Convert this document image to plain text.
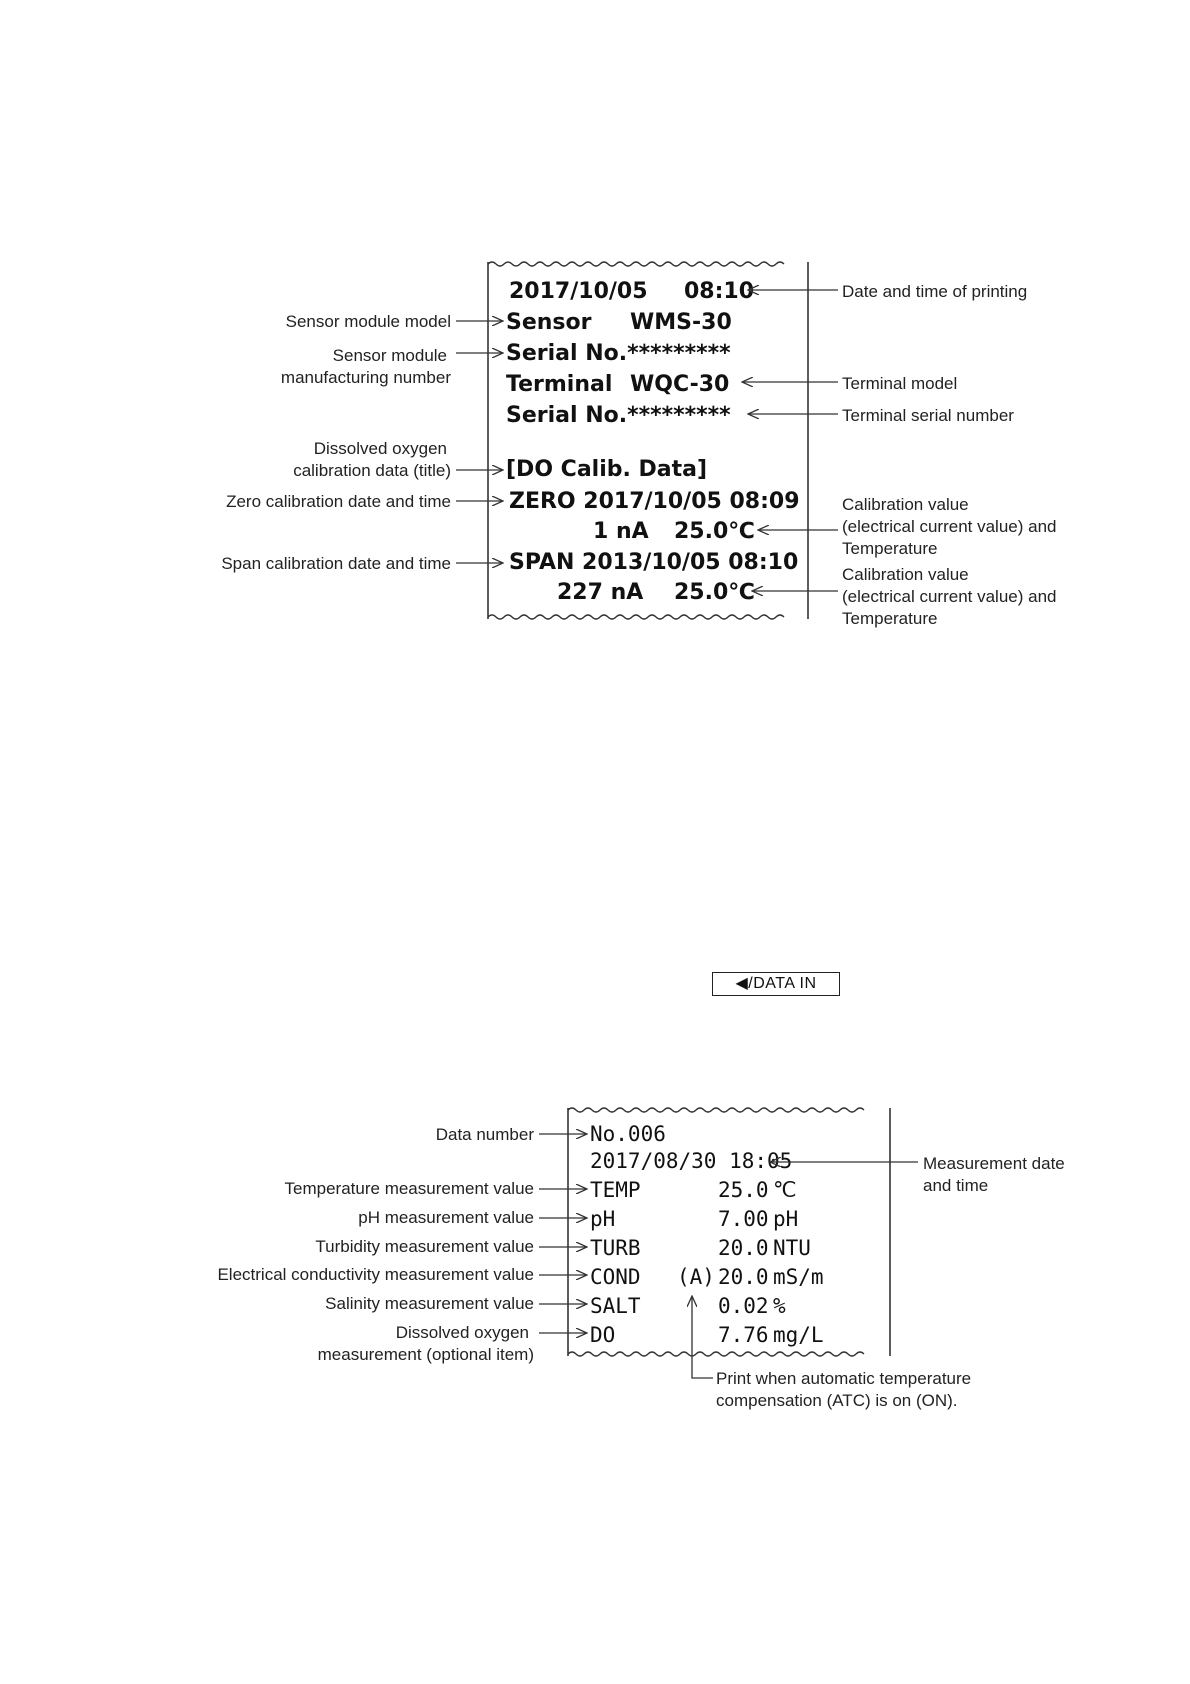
2017/10/05 08:10
Sensor WMS-30
Serial No.*********
Terminal WQC-30
Serial No.*********
[DO Calib. Data]
ZERO 2017/10/05 08:09
1 nA 25.0℃
SPAN 2013/10/05 08:10
227 nA 25.0℃
Date and time of printing
Sensor module model
Sensor module
manufacturing number	Terminal model
Terminal serial number
Dissolved oxygen
calibration data (title)
Zero calibration date and time	Calibration value
(electrical current value) and
Temperature
Span calibration date and time
Calibration value
(electrical current value) and
Temperature
No.006
2017/08/30 18:05
TEMP	25.0 ℃
pH	7.00 pH
TURB	20.0 NTU
COND (A) 20.0 mS/m
SALT	0.02 %
DO	7.76 mg/L
Data number
Measurement date
and time
Temperature measurement value
pH measurement value
Turbidity measurement value
Electrical conductivity measurement value
Salinity measurement value
Dissolved oxygen
measurement (optional item)
Print when automatic temperature
compensation (ATC) is on (ON).
◀/DATA IN
